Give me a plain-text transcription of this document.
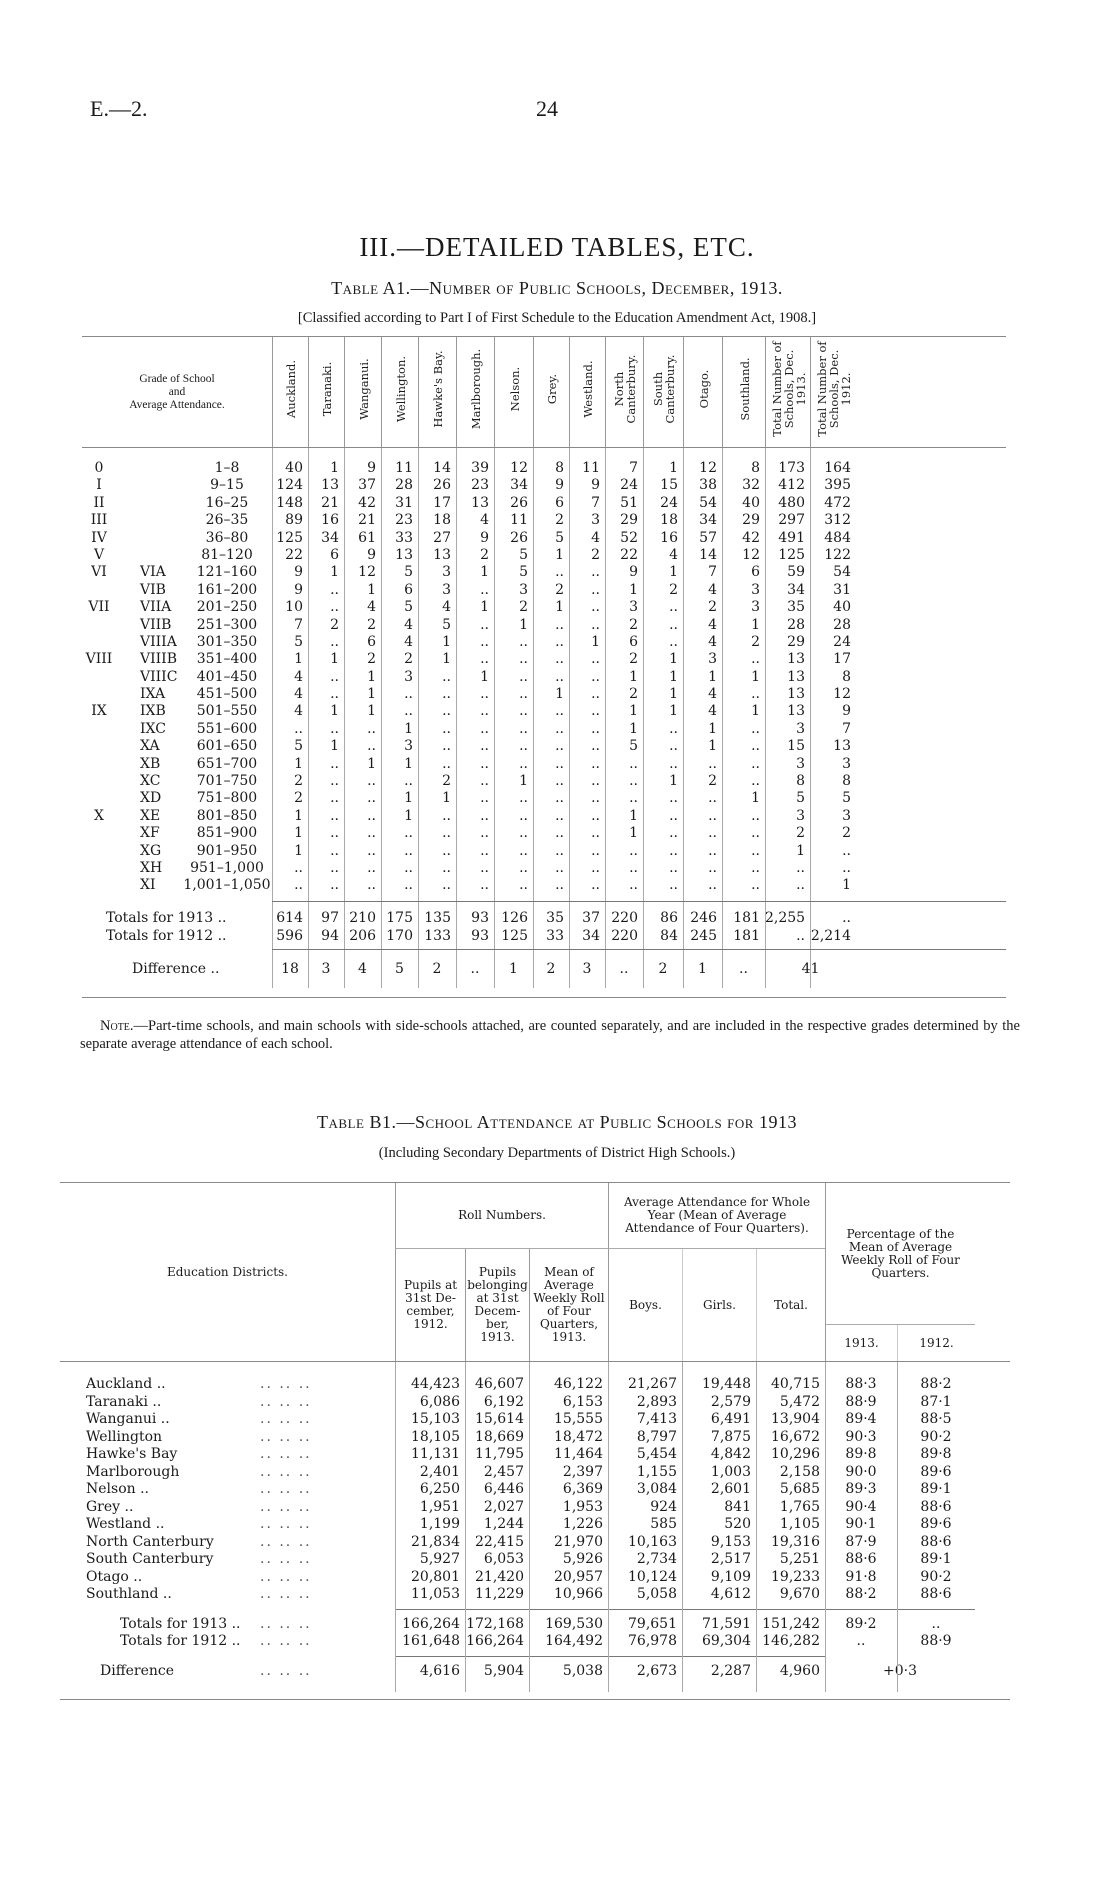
E.—2.	24
III.—DETAILED TABLES, ETC.
Table A1.—Number of Public Schools, December, 1913.
[Classified according to Part I of First Schedule to the Education Amendment Act, 1908.]
Grade of School
and
Average Attendance.	Auckland. Taranaki. Wanganui. Wellington. Hawke's Bay. Marlborough. Nelson. Grey. Westland. North Canterbury. South Canterbury. Otago. Southland. Total Number of Schools, Dec. 1913. Total Number of Schools, Dec. 1912.
0	1–8	40	1	9	11	14	39	12	8	11	7	1	12	8	173	164
I	9–15	124	13	37	28	26	23	34	9	9	24	15	38	32	412	395
II	16–25	148	21	42	31	17	13	26	6	7	51	24	54	40	480	472
III	26–35	89	16	21	23	18	4	11	2	3	29	18	34	29	297	312
IV	36–80	125	34	61	33	27	9	26	5	4	52	16	57	42	491	484
V	81–120	22	6	9	13	13	2	5	1	2	22	4	14	12	125	122
VI	VIA	121–160	9	1	12	5	3	1	5	..	..	9	1	7	6	59	54
VIB	161–200	9	..	1	6	3	..	3	2	..	1	2	4	3	34	31
VII	VIIA	201–250	10	..	4	5	4	1	2	1	..	3	..	2	3	35	40
VIIB	251–300	7	2	2	4	5	..	1	..	..	2	..	4	1	28	28
VIIIA	301–350	5	..	6	4	1	..	..	..	1	6	..	4	2	29	24
VIII VIIIB	351–400	1	1	2	2	1	..	..	..	..	2	1	3	..	13	17
VIIIC	401–450	4	..	1	3	..	1	..	..	..	1	1	1	1	13	8
IXA	451–500	4	..	1	..	..	..	..	1	..	2	1	4	..	13	12
IX	IXB	501–550	4	1	1	..	..	..	..	..	..	1	1	4	1	13	9
IXC	551–600	..	..	..	1	..	..	..	..	..	1	..	1	..	3	7
XA	601–650	5	1	..	3	..	..	..	..	..	5	..	1	..	15	13
XB	651–700	1	..	1	1	..	..	..	..	..	..	..	..	..	3	3
XC	701–750	2	..	..	..	2	..	1	..	..	..	1	2	..	8	8
XD	751–800	2	..	..	1	1	..	..	..	..	..	..	..	1	5	5
X	XE	801–850	1	..	..	1	..	..	..	..	..	1	..	..	..	3	3
XF	851–900	1	..	..	..	..	..	..	..	..	1	..	..	..	2	2
XG	901–950	1	..	..	..	..	..	..	..	..	..	..	..	..	1	..
XH	951–1,000	..	..	..	..	..	..	..	..	..	..	..	..	..	..	..
XI	1,001–1,050	..	..	..	..	..	..	..	..	..	..	..	..	..	..	1
Totals for 1913 ..	614	97 210 175 135	93 126	35	37 220	86 246	181 2,255	..
Totals for 1912 ..	596	94 206 170 133	93 125	33	34 220	84 245	181	.. 2,214
Difference ..	18	3	4	5	2	..	1	2	3	..	2	1	..	41
Note.—Part-time schools, and main schools with side-schools attached, are counted separately, and are included in the respective grades determined by the separate average attendance of each school.
Table B1.—School Attendance at Public Schools for 1913
(Including Secondary Departments of District High Schools.)
Education Districts.
Roll Numbers.
Pupils at 31st De-cember, 1912.
Pupils belonging at 31st Decem-ber, 1913.
Mean of Average Weekly Roll of Four Quarters, 1913.
Average Attendance for Whole Year (Mean of Average Attendance of Four Quarters).
Boys.	Girls.	Total.
Percentage of the Mean of Average Weekly Roll of Four Quarters.
1913.	1912.
Auckland ..	.. .. ..	44,423	46,607	46,122	21,267	19,448	40,715	88·3	88·2
Taranaki ..	.. .. ..	6,086	6,192	6,153	2,893	2,579	5,472	88·9	87·1
Wanganui ..	.. .. ..	15,103	15,614	15,555	7,413	6,491	13,904	89·4	88·5
Wellington	.. .. ..	18,105	18,669	18,472	8,797	7,875	16,672	90·3	90·2
Hawke's Bay	.. .. ..	11,131	11,795	11,464	5,454	4,842	10,296	89·8	89·8
Marlborough	.. .. ..	2,401	2,457	2,397	1,155	1,003	2,158	90·0	89·6
Nelson ..	.. .. ..	6,250	6,446	6,369	3,084	2,601	5,685	89·3	89·1
Grey ..	.. .. ..	1,951	2,027	1,953	924	841	1,765	90·4	88·6
Westland ..	.. .. ..	1,199	1,244	1,226	585	520	1,105	90·1	89·6
North Canterbury	.. .. ..	21,834	22,415	21,970	10,163	9,153	19,316	87·9	88·6
South Canterbury	.. .. ..	5,927	6,053	5,926	2,734	2,517	5,251	88·6	89·1
Otago ..	.. .. ..	20,801	21,420	20,957	10,124	9,109	19,233	91·8	90·2
Southland ..	.. .. ..	11,053	11,229	10,966	5,058	4,612	9,670	88·2	88·6
Totals for 1913 ..	.. .. ..	166,264 172,168	169,530	79,651	71,591 151,242	89·2	..
Totals for 1912 ..	.. .. ..	161,648 166,264	164,492	76,978	69,304 146,282	..	88·9
Difference	.. .. ..	4,616	5,904	5,038	2,673	2,287	4,960	+0·3
